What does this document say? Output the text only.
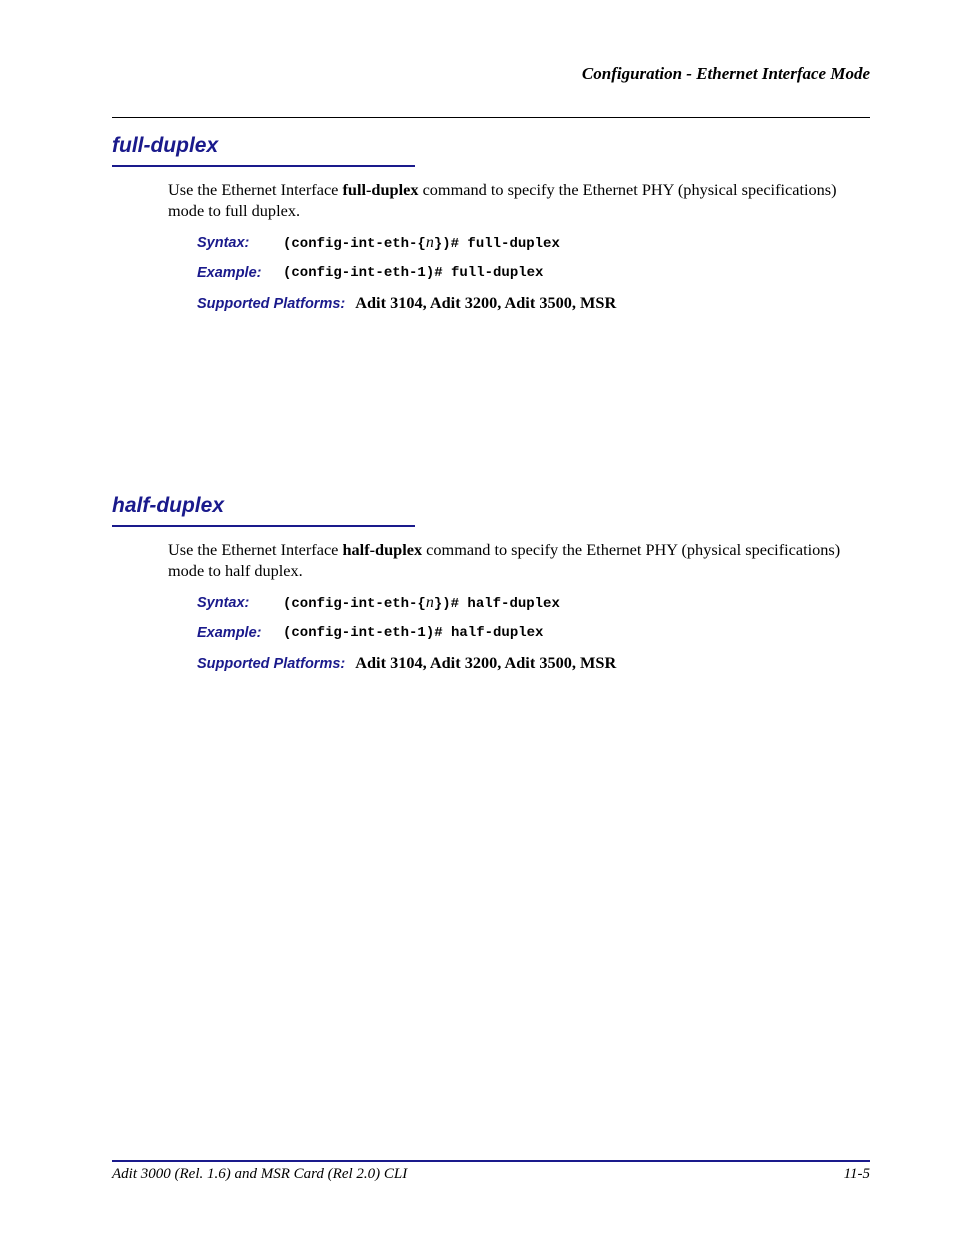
Configuration - Ethernet Interface Mode
full-duplex

Use the Ethernet Interface full-duplex command to specify the Ethernet PHY (physical specifications) mode to full duplex.

Syntax: (config-int-eth-{n})# full-duplex
Example: (config-int-eth-1)# full-duplex
Supported Platforms: Adit 3104, Adit 3200, Adit 3500, MSR
half-duplex

Use the Ethernet Interface half-duplex command to specify the Ethernet PHY (physical specifications) mode to half duplex.

Syntax: (config-int-eth-{n})# half-duplex
Example: (config-int-eth-1)# half-duplex
Supported Platforms: Adit 3104, Adit 3200, Adit 3500, MSR
Adit 3000 (Rel. 1.6) and MSR Card (Rel 2.0) CLI	11-5
